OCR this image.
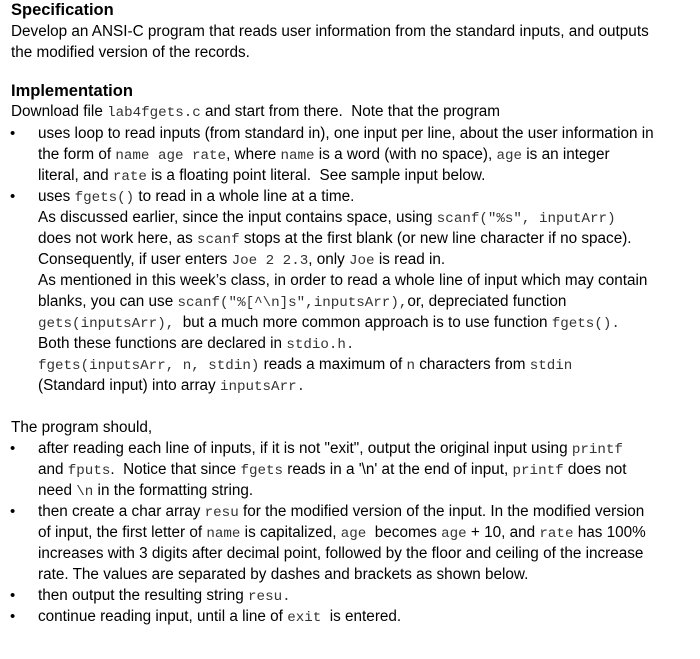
Specification
Develop an ANSI-C program that reads user information from the standard inputs, and outputs
the modified version of the records.
Implementation
Download file lab4fgets.c and start from there.  Note that the program
• uses loop to read inputs (from standard in), one input per line, about the user information in
the form of name age rate, where name is a word (with no space), age is an integer
literal, and rate is a floating point literal.  See sample input below.
• uses fgets() to read in a whole line at a time.
As discussed earlier, since the input contains space, using scanf("%s", inputArr)
does not work here, as scanf stops at the first blank (or new line character if no space).
Consequently, if user enters Joe 2 2.3, only Joe is read in.
As mentioned in this week’s class, in order to read a whole line of input which may contain
blanks, you can use scanf("%[^\n]s",inputsArr),or, depreciated function
gets(inputsArr),  but a much more common approach is to use function fgets().
Both these functions are declared in stdio.h.
fgets(inputsArr, n, stdin) reads a maximum of n characters from stdin
(Standard input) into array inputsArr.
The program should,
• after reading each line of inputs, if it is not "exit", output the original input using printf
and fputs.  Notice that since fgets reads in a '\n' at the end of input, printf does not
need \n in the formatting string.
• then create a char array resu for the modified version of the input. In the modified version
of input, the first letter of name is capitalized, age  becomes age + 10, and rate has 100%
increases with 3 digits after decimal point, followed by the floor and ceiling of the increase
rate. The values are separated by dashes and brackets as shown below.
• then output the resulting string resu.
• continue reading input, until a line of exit  is entered.
